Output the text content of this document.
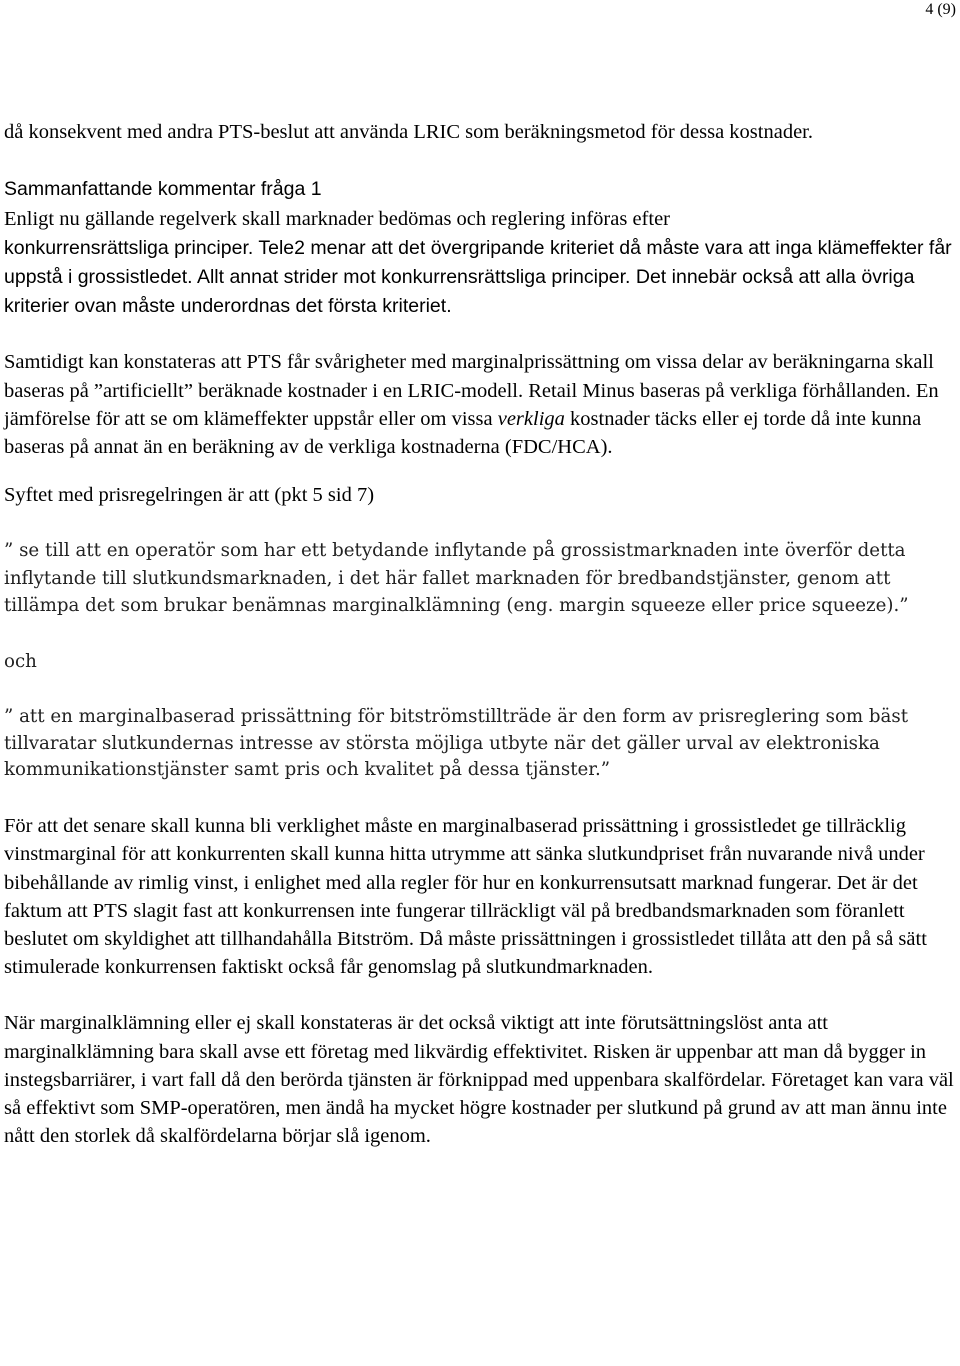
4 (9)

då konsekvent med andra PTS-beslut att använda LRIC som beräkningsmetod för dessa kostnader.

Sammanfattande kommentar fråga 1

Enligt nu gällande regelverk skall marknader bedömas och reglering införas efter

konkurrensrättsliga principer. Tele2 menar att det övergripande kriteriet då måste vara att inga klämeffekter får uppstå i grossistledet. Allt annat strider mot konkurrensrättsliga principer. Det innebär också att alla övriga kriterier ovan måste underordnas det första kriteriet.

Samtidigt kan konstateras att PTS får svårigheter med marginalprissättning om vissa delar av beräkningarna skall baseras på ”artificiellt” beräknade kostnader i en LRIC-modell. Retail Minus baseras på verkliga förhållanden. En jämförelse för att se om klämeffekter uppstår eller om vissa verkliga kostnader täcks eller ej torde då inte kunna baseras på annat än en beräkning av de verkliga kostnaderna (FDC/HCA).

Syftet med prisregelringen är att (pkt 5 sid 7)

” se till att en operatör som har ett betydande inflytande på grossistmarknaden inte överför detta inflytande till slutkundsmarknaden, i det här fallet marknaden för bredbandstjänster, genom att tillämpa det som brukar benämnas marginalklämning (eng. margin squeeze eller price squeeze).”

och

” att en marginalbaserad prissättning för bitströmstillträde är den form av prisreglering som bäst tillvaratar slutkundernas intresse av största möjliga utbyte när det gäller urval av elektroniska kommunikationstjänster samt pris och kvalitet på dessa tjänster.”

För att det senare skall kunna bli verklighet måste en marginalbaserad prissättning i grossistledet ge tillräcklig vinstmarginal för att konkurrenten skall kunna hitta utrymme att sänka slutkundpriset från nuvarande nivå under bibehållande av rimlig vinst, i enlighet med alla regler för hur en konkurrensutsatt marknad fungerar. Det är det faktum att PTS slagit fast att konkurrensen inte fungerar tillräckligt väl på bredbandsmarknaden som föranlett beslutet om skyldighet att tillhandahålla Bitström. Då måste prissättningen i grossistledet tillåta att den på så sätt stimulerade konkurrensen faktiskt också får genomslag på slutkundmarknaden.

När marginalklämning eller ej skall konstateras är det också viktigt att inte förutsättningslöst anta att marginalklämning bara skall avse ett företag med likvärdig effektivitet. Risken är uppenbar att man då bygger in instegsbarriärer, i vart fall då den berörda tjänsten är förknippad med uppenbara skalfördelar. Företaget kan vara väl så effektivt som SMP-operatören, men ändå ha mycket högre kostnader per slutkund på grund av att man ännu inte nått den storlek då skalfördelarna börjar slå igenom.
